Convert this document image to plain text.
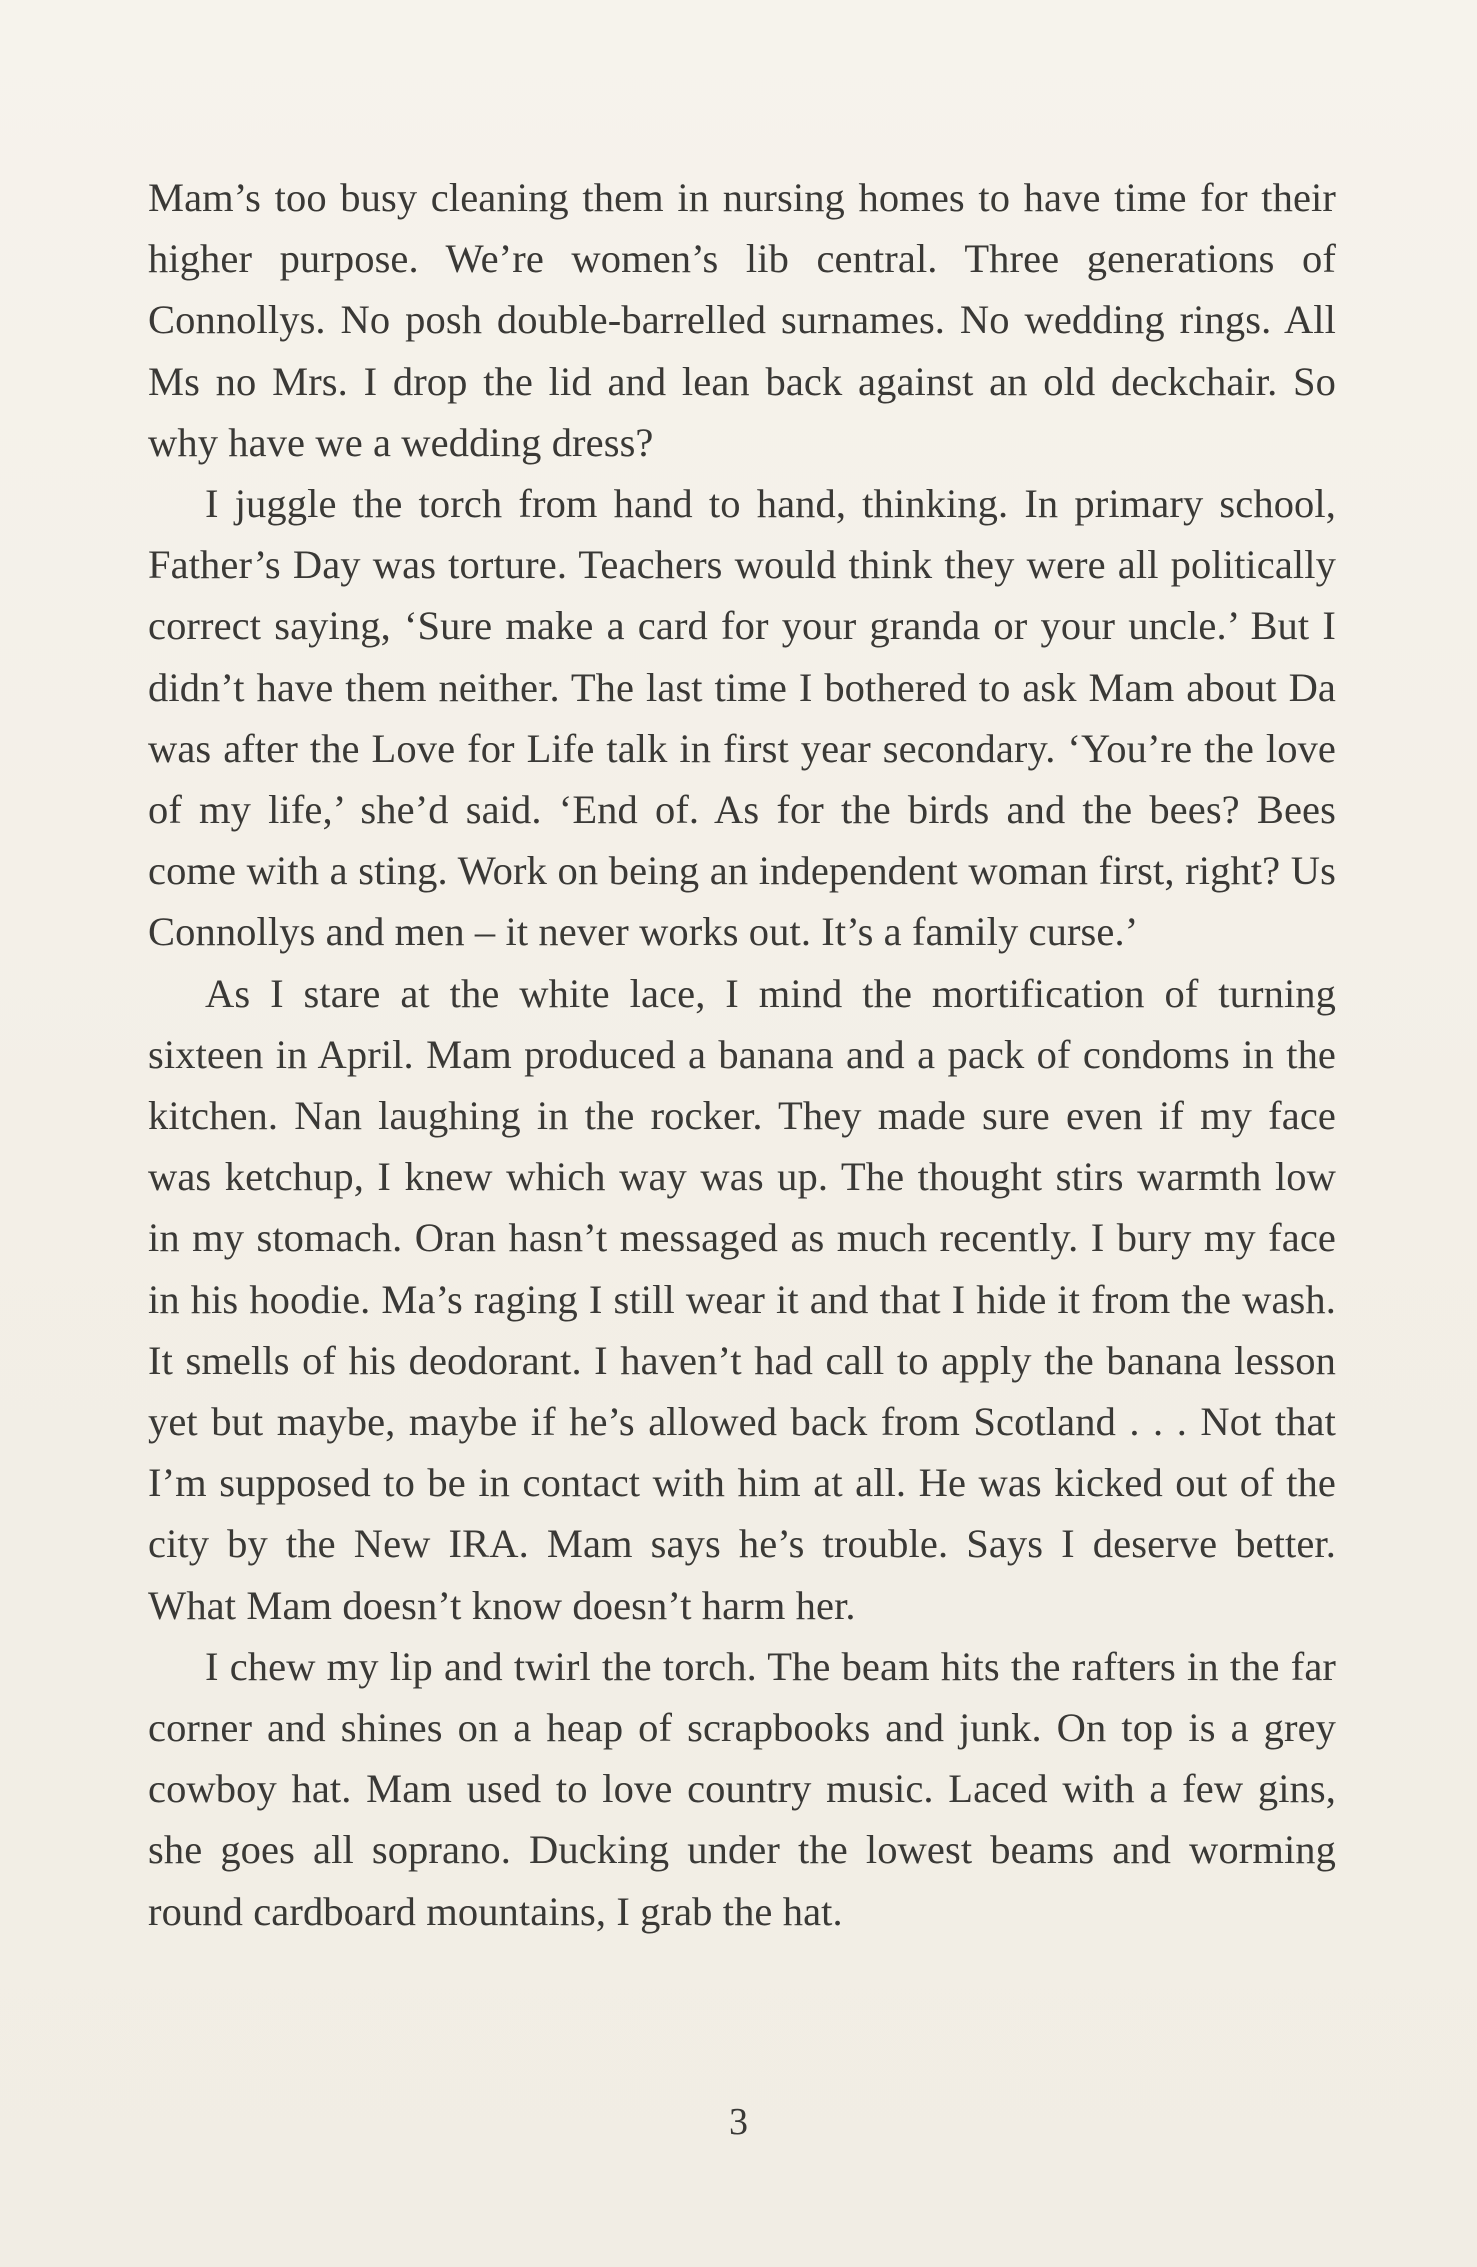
Mam’s too busy cleaning them in nursing homes to have time for their higher purpose. We’re women’s lib central. Three generations of Connollys. No posh double-barrelled surnames. No wedding rings. All Ms no Mrs. I drop the lid and lean back against an old deckchair. So why have we a wedding dress?

I juggle the torch from hand to hand, thinking. In primary school, Father’s Day was torture. Teachers would think they were all politically correct saying, ‘Sure make a card for your granda or your uncle.’ But I didn’t have them neither. The last time I bothered to ask Mam about Da was after the Love for Life talk in first year secondary. ‘You’re the love of my life,’ she’d said. ‘End of. As for the birds and the bees? Bees come with a sting. Work on being an independent woman first, right? Us Connollys and men – it never works out. It’s a family curse.’

As I stare at the white lace, I mind the mortification of turning sixteen in April. Mam produced a banana and a pack of condoms in the kitchen. Nan laughing in the rocker. They made sure even if my face was ketchup, I knew which way was up. The thought stirs warmth low in my stomach. Oran hasn’t messaged as much recently. I bury my face in his hoodie. Ma’s raging I still wear it and that I hide it from the wash. It smells of his deodorant. I haven’t had call to apply the banana lesson yet but maybe, maybe if he’s allowed back from Scotland . . . Not that I’m supposed to be in contact with him at all. He was kicked out of the city by the New IRA. Mam says he’s trouble. Says I deserve better. What Mam doesn’t know doesn’t harm her.

I chew my lip and twirl the torch. The beam hits the rafters in the far corner and shines on a heap of scrapbooks and junk. On top is a grey cowboy hat. Mam used to love country music. Laced with a few gins, she goes all soprano. Ducking under the lowest beams and worming round cardboard mountains, I grab the hat.

3
